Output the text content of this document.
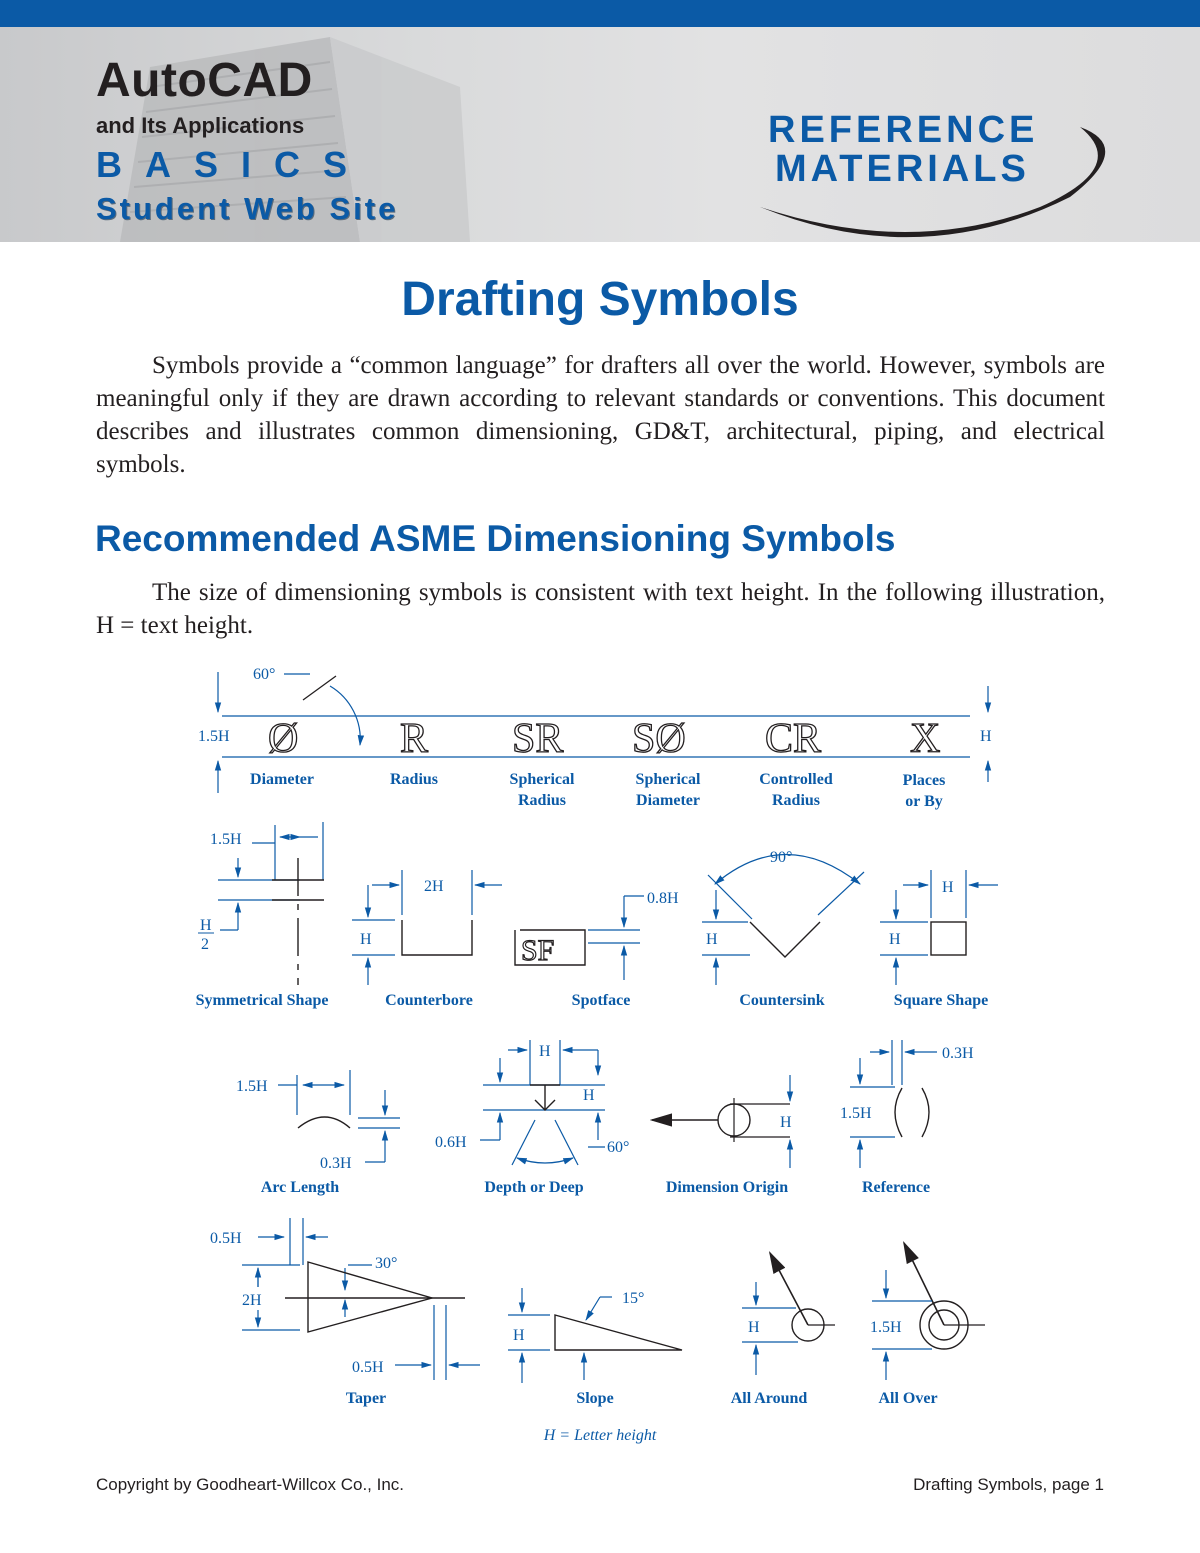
AutoCAD
and Its Applications
BASICS
Student Web Site
REFERENCE
MATERIALS
Drafting Symbols

Symbols provide a “common language” for drafters all over the world. However, symbols are meaningful only if they are drawn according to relevant standards or conventions. This document describes and illustrates common dimensioning, GD&T, architectural, piping, and electrical symbols.

Recommended ASME Dimensioning Symbols

The size of dimensioning symbols is consistent with text height. In the following illustration, H = text height.

60°
1.5H	H
Ø R SR SØ CR X
Diameter	Radius	Spherical
Radius
Spherical
Diameter
Controlled
Radius
Places
or By
1.5H
H
2
Symmetrical Shape
2H
H
Counterbore
SF
0.8H
Spotface
90°
H
Countersink
H
H
Square Shape
1.5H
0.3H
Arc Length
H
H
0.6H	60°
Depth or Deep
H
Dimension Origin
0.3H
1.5H
Reference
0.5H
30°
2H
0.5H
Taper
15°
H
Slope
H
All Around
1.5H
All Over
H = Letter height
Copyright by Goodheart-Willcox Co., Inc.	Drafting Symbols, page 1
